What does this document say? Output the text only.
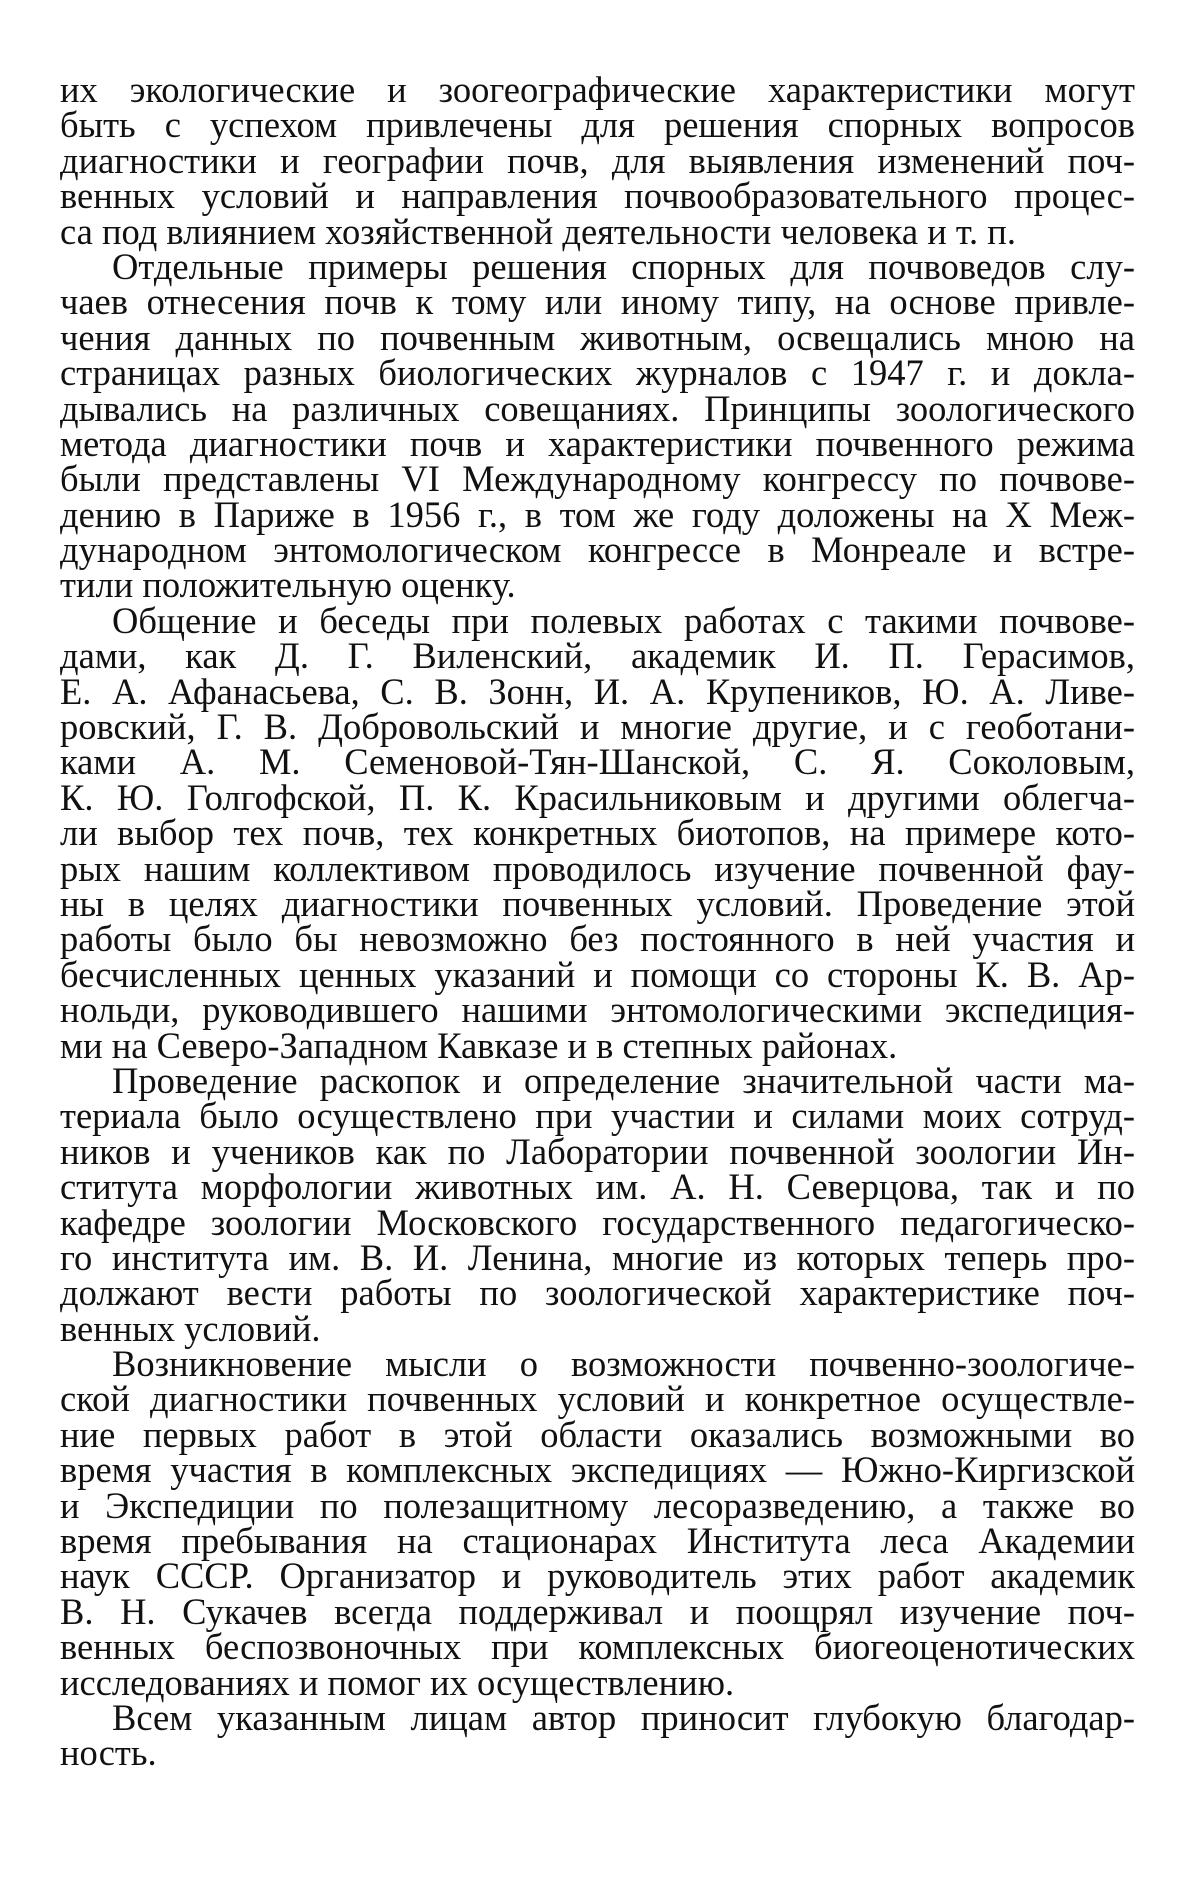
их экологические и зоогеографические характеристики могут
быть с успехом привлечены для решения спорных вопросов
диагностики и географии почв, для выявления изменений поч-
венных условий и направления почвообразовательного процес-
са под влиянием хозяйственной деятельности человека и т. п.
Отдельные примеры решения спорных для почвоведов слу-
чаев отнесения почв к тому или иному типу, на основе привле-
чения данных по почвенным животным, освещались мною на
страницах разных биологических журналов с 1947 г. и докла-
дывались на различных совещаниях. Принципы зоологического
метода диагностики почв и характеристики почвенного режима
были представлены VI Международному конгрессу по почвове-
дению в Париже в 1956 г., в том же году доложены на X Меж-
дународном энтомологическом конгрессе в Монреале и встре-
тили положительную оценку.
Общение и беседы при полевых работах с такими почвове-
дами, как Д. Г. Виленский, академик И. П. Герасимов,
Е. А. Афанасьева, С. В. Зонн, И. А. Крупеников, Ю. А. Ливе-
ровский, Г. В. Добровольский и многие другие, и с геоботани-
ками А. М. Семеновой-Тян-Шанской, С. Я. Соколовым,
К. Ю. Голгофской, П. К. Красильниковым и другими облегча-
ли выбор тех почв, тех конкретных биотопов, на примере кото-
рых нашим коллективом проводилось изучение почвенной фау-
ны в целях диагностики почвенных условий. Проведение этой
работы было бы невозможно без постоянного в ней участия и
бесчисленных ценных указаний и помощи со стороны К. В. Ар-
нольди, руководившего нашими энтомологическими экспедиция-
ми на Северо-Западном Кавказе и в степных районах.
Проведение раскопок и определение значительной части ма-
териала было осуществлено при участии и силами моих сотруд-
ников и учеников как по Лаборатории почвенной зоологии Ин-
ститута морфологии животных им. А. Н. Северцова, так и по
кафедре зоологии Московского государственного педагогическо-
го института им. В. И. Ленина, многие из которых теперь про-
должают вести работы по зоологической характеристике поч-
венных условий.
Возникновение мысли о возможности почвенно-зоологиче-
ской диагностики почвенных условий и конкретное осуществле-
ние первых работ в этой области оказались возможными во
время участия в комплексных экспедициях — Южно-Киргизской
и Экспедиции по полезащитному лесоразведению, а также во
время пребывания на стационарах Института леса Академии
наук СССР. Организатор и руководитель этих работ академик
В. Н. Сукачев всегда поддерживал и поощрял изучение поч-
венных беспозвоночных при комплексных биогеоценотических
исследованиях и помог их осуществлению.
Всем указанным лицам автор приносит глубокую благодар-
ность.
